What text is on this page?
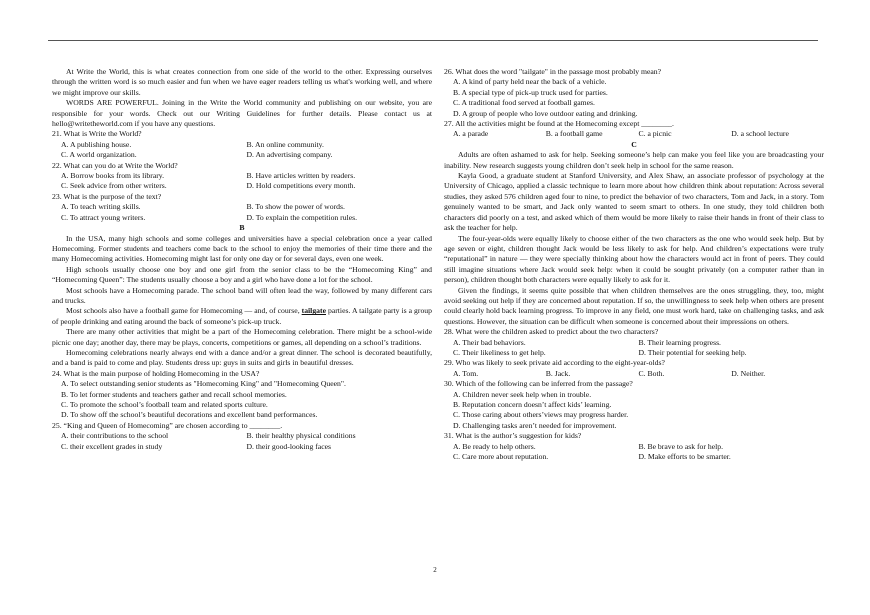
At Write the World, this is what creates connection from one side of the world to the other. Expressing ourselves through the written word is so much easier and fun when we have eager readers telling us what's working well, and where we might improve our skills.

WORDS ARE POWERFUL. Joining in the Write the World community and publishing on our website, you are responsible for your words. Check out our Writing Guidelines for further details. Please contact us at hello@writetheworld.com if you have any questions.

21. What is Write the World?

A. A publishing house.	B. An online community.
C. A world organization.	D. An advertising company.

22. What can you do at Write the World?

A. Borrow books from its library.	B. Have articles written by readers.
C. Seek advice from other writers.	D. Hold competitions every month.

23. What is the purpose of the text?

A. To teach writing skills.	B. To show the power of words.
C. To attract young writers.	D. To explain the competition rules.

B

In the USA, many high schools and some colleges and universities have a special celebration once a year called Homecoming. Former students and teachers come back to the school to enjoy the memories of their time there and the many Homecoming activities. Homecoming might last for only one day or for several days, even one week.

High schools usually choose one boy and one girl from the senior class to be the “Homecoming King” and “Homecoming Queen”: The students usually choose a boy and a girl who have done a lot for the school.

Most schools have a Homecoming parade. The school band will often lead the way, followed by many different cars and trucks.

Most schools also have a football game for Homecoming — and, of course, tailgate parties. A tailgate party is a group of people drinking and eating around the back of someone’s pick-up truck.

There are many other activities that might be a part of the Homecoming celebration. There might be a school-wide picnic one day; another day, there may be plays, concerts, competitions or games, all depending on a school’s traditions.

Homecoming celebrations nearly always end with a dance and/or a great dinner. The school is decorated beautifully, and a band is paid to come and play. Students dress up: guys in suits and girls in beautiful dresses.

24. What is the main purpose of holding Homecoming in the USA?

A. To select outstanding senior students as "Homecoming King" and "Homecoming Queen".

B. To let former students and teachers gather and recall school memories.

C. To promote the school’s football team and related sports culture.

D. To show off the school’s beautiful decorations and excellent band performances.

25. “King and Queen of Homecoming” are chosen according to ________.

A. their contributions to the school	B. their healthy physical conditions
C. their excellent grades in study	D. their good-looking faces

26. What does the word "tailgate" in the passage most probably mean?

A. A kind of party held near the back of a vehicle.

B. A special type of pick-up truck used for parties.

C. A traditional food served at football games.

D. A group of people who love outdoor eating and drinking.

27. All the activities might be found at the Homecoming except ________.

A. a parade	B. a football game	C. a picnic	D. a school lecture

C

Adults are often ashamed to ask for help. Seeking someone’s help can make you feel like you are broadcasting your inability. New research suggests young children don’t seek help in school for the same reason.

Kayla Good, a graduate student at Stanford University, and Alex Shaw, an associate professor of psychology at the University of Chicago, applied a classic technique to learn more about how children think about reputation: Across several studies, they asked 576 children aged four to nine, to predict the behavior of two characters, Tom and Jack, in a story. Tom genuinely wanted to be smart, and Jack only wanted to seem smart to others. In one study, they told children both characters did poorly on a test, and asked which of them would be more likely to raise their hands in front of their class to ask the teacher for help.

The four-year-olds were equally likely to choose either of the two characters as the one who would seek help. But by age seven or eight, children thought Jack would be less likely to ask for help. And children’s expectations were truly “reputational” in nature — they were specially thinking about how the characters would act in front of peers. They could still imagine situations where Jack would seek help: when it could be sought privately (on a computer rather than in person), children thought both characters were equally likely to ask for it.

Given the findings, it seems quite possible that when children themselves are the ones struggling, they, too, might avoid seeking out help if they are concerned about reputation. If so, the unwillingness to seek help when others are present could clearly hold back learning progress. To improve in any field, one must work hard, take on challenging tasks, and ask questions. However, the situation can be difficult when someone is concerned about their impressions on others.

28. What were the children asked to predict about the two characters?

A. Their bad behaviors.	B. Their learning progress.
C. Their likeliness to get help.	D. Their potential for seeking help.

29. Who was likely to seek private aid according to the eight-year-olds?

A. Tom.	B. Jack.	C. Both.	D. Neither.

30. Which of the following can be inferred from the passage?

A. Children never seek help when in trouble.

B. Reputation concern doesn’t affect kids’ learning.

C. Those caring about others’views may progress harder.

D. Challenging tasks aren’t needed for improvement.

31. What is the author’s suggestion for kids?

A. Be ready to help others.	B. Be brave to ask for help.
C. Care more about reputation.	D. Make efforts to be smarter.
2
